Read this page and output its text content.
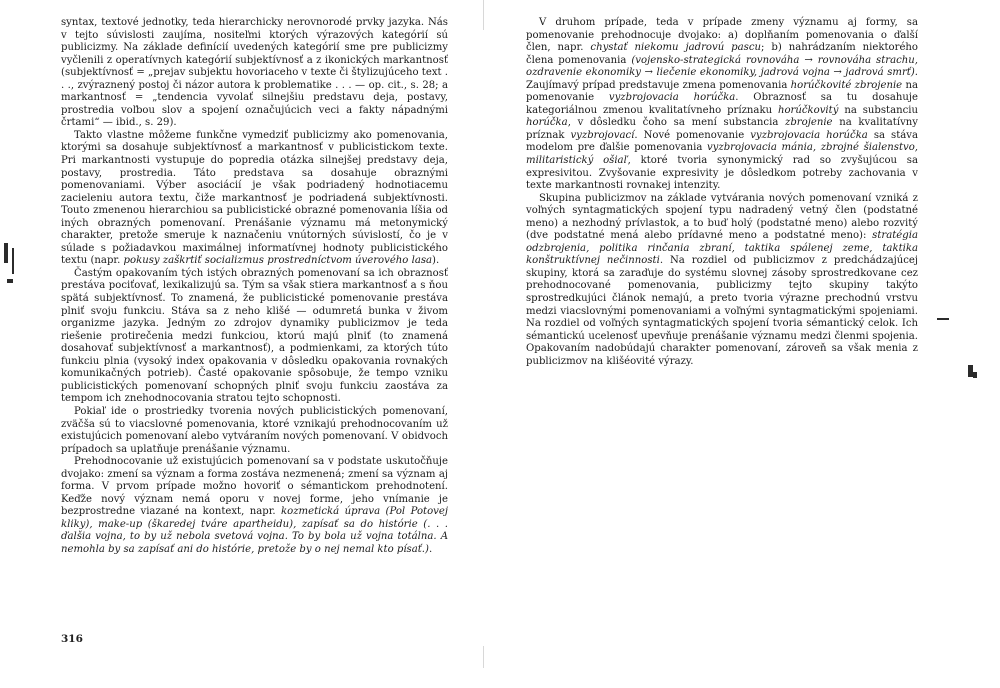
syntax, textové jednotky, teda hierarchicky nerovnorodé prvky jazyka. Nás v tejto súvislosti zaujíma, nositeľmi ktorých výrazových kategórií sú publicizmy. Na základe definícií uvedených kategórií sme pre publicizmy vyčlenili z operatívnych kategórií subjektívnosť a z ikonických markantnosť (subjektívnosť = „prejav subjektu hovoriaceho v texte či štylizujúceho text . . ., zvýraznený postoj či názor autora k problematike . . . — op. cit., s. 28; a markantnosť = „tendencia vyvolať silnejšiu predstavu deja, postavy, prostredia voľbou slov a spojení označujúcich veci a fakty nápadnými črtami“ — ibid., s. 29).

Takto vlastne môžeme funkčne vymedziť publicizmy ako pomenovania, ktorými sa dosahuje subjektívnosť a markantnosť v publicistickom texte. Pri markantnosti vystupuje do popredia otázka silnejšej predstavy deja, postavy, prostredia. Táto predstava sa dosahuje obraznými pomenovaniami. Výber asociácií je však podriadený hodnotiacemu zacieleniu autora textu, čiže markantnosť je podriadená subjektívnosti. Touto zmenenou hierarchiou sa publicistické obrazné pomenovania líšia od iných obrazných pomenovaní. Prenášanie významu má metonymický charakter, pretože smeruje k naznačeniu vnútorných súvislostí, čo je v súlade s požiadavkou maximálnej informatívnej hodnoty publicistického textu (napr. pokusy zaškrtiť socializmus prostredníctvom úverového lasa).

Častým opakovaním tých istých obrazných pomenovaní sa ich obraznosť prestáva pociťovať, lexikalizujú sa. Tým sa však stiera markantnosť a s ňou spätá subjektívnosť. To znamená, že publicistické pomenovanie prestáva plniť svoju funkciu. Stáva sa z neho klišé — odumretá bunka v živom organizme jazyka. Jedným zo zdrojov dynamiky publicizmov je teda riešenie protirečenia medzi funkciou, ktorú majú plniť (to znamená dosahovať subjektívnosť a markantnosť), a podmienkami, za ktorých túto funkciu plnia (vysoký index opakovania v dôsledku opakovania rovnakých komunikačných potrieb). Časté opakovanie spôsobuje, že tempo vzniku publicistických pomenovaní schopných plniť svoju funkciu zaostáva za tempom ich znehodnocovania stratou tejto schopnosti.

Pokiaľ ide o prostriedky tvorenia nových publicistických pomenovaní, zväčša sú to viacslovné pomenovania, ktoré vznikajú prehodnocovaním už existujúcich pomenovaní alebo vytváraním nových pomenovaní. V obidvoch prípadoch sa uplatňuje prenášanie významu.

Prehodnocovanie už existujúcich pomenovaní sa v podstate uskutočňuje dvojako: zmení sa význam a forma zostáva nezmenená; zmení sa význam aj forma. V prvom prípade možno hovoriť o sémantickom prehodnotení. Keďže nový význam nemá oporu v novej forme, jeho vnímanie je bezprostredne viazané na kontext, napr. kozmetická úprava (Pol Potovej kliky), make-up (škaredej tváre apartheidu), zapísať sa do histórie (. . . ďalšia vojna, to by už nebola svetová vojna. To by bola už vojna totálna. A nemohla by sa zapísať ani do histórie, pretože by o nej nemal kto písať.).

316

V druhom prípade, teda v prípade zmeny významu aj formy, sa pomenovanie prehodnocuje dvojako: a) doplňaním pomenovania o ďalší člen, napr. chystať niekomu jadrovú pascu; b) nahrádzaním niektorého člena pomenovania (vojensko-strategická rovnováha → rovnováha strachu, ozdravenie ekonomiky → liečenie ekonomiky, jadrová vojna → jadrová smrť). Zaujímavý prípad predstavuje zmena pomenovania horúčkovité zbrojenie na pomenovanie vyzbrojovacia horúčka. Obraznosť sa tu dosahuje kategoriálnou zmenou kvalitatívneho príznaku horúčkovitý na substanciu horúčka, v dôsledku čoho sa mení substancia zbrojenie na kvalitatívny príznak vyzbrojovací. Nové pomenovanie vyzbrojovacia horúčka sa stáva modelom pre ďalšie pomenovania vyzbrojovacia mánia, zbrojné šialenstvo, militaristický ošiaľ, ktoré tvoria synonymický rad so zvyšujúcou sa expresivitou. Zvyšovanie expresivity je dôsledkom potreby zachovania v texte markantnosti rovnakej intenzity.

Skupina publicizmov na základe vytvárania nových pomenovaní vzniká z voľných syntagmatických spojení typu nadradený vetný člen (podstatné meno) a nezhodný prívlastok, a to buď holý (podstatné meno) alebo rozvitý (dve podstatné mená alebo prídavné meno a podstatné meno): stratégia odzbrojenia, politika rinčania zbraní, taktika spálenej zeme, taktika konštruktívnej nečinnosti. Na rozdiel od publicizmov z predchádzajúcej skupiny, ktorá sa zaraďuje do systému slovnej zásoby sprostredkovane cez prehodnocované pomenovania, publicizmy tejto skupiny takýto sprostredkujúci článok nemajú, a preto tvoria výrazne prechodnú vrstvu medzi viacslovnými pomenovaniami a voľnými syntagmatickými spojeniami. Na rozdiel od voľných syntagmatických spojení tvoria sémantický celok. Ich sémantickú ucelenosť upevňuje prenášanie významu medzi členmi spojenia. Opakovaním nadobúdajú charakter pomenovaní, zároveň sa však menia z publicizmov na klišéovité výrazy.
